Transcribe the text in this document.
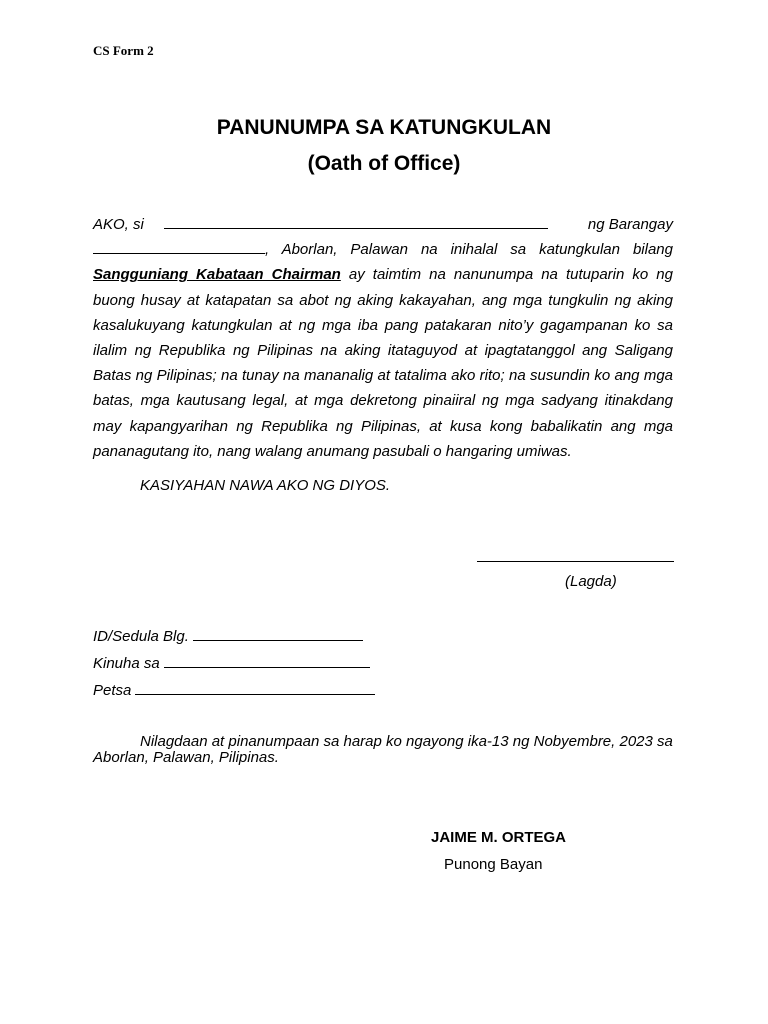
CS Form 2
PANUNUMPA SA KATUNGKULAN
(Oath of Office)
AKO, si	ng Barangay
, Aborlan, Palawan na inihalal sa katungkulan bilang Sangguniang Kabataan Chairman ay taimtim na nanunumpa na tutuparin ko ng buong husay at katapatan sa abot ng aking kakayahan, ang mga tungkulin ng aking kasalukuyang katungkulan at ng mga iba pang patakaran nito’y gagampanan ko sa ilalim ng Republika ng Pilipinas na aking itataguyod at ipagtatanggol ang Saligang Batas ng Pilipinas; na tunay na mananalig at tatalima ako rito; na susundin ko ang mga batas, mga kautusang legal, at mga dekretong pinaiiral ng mga sadyang itinakdang may kapangyarihan ng Republika ng Pilipinas, at kusa kong babalikatin ang mga pananagutang ito, nang walang anumang pasubali o hangaring umiwas.
KASIYAHAN NAWA AKO NG DIYOS.
(Lagda)
ID/Sedula Blg.
Kinuha sa
Petsa
Nilagdaan at pinanumpaan sa harap ko ngayong ika-13 ng Nobyembre, 2023 sa Aborlan, Palawan, Pilipinas.
JAIME M. ORTEGA
Punong Bayan
